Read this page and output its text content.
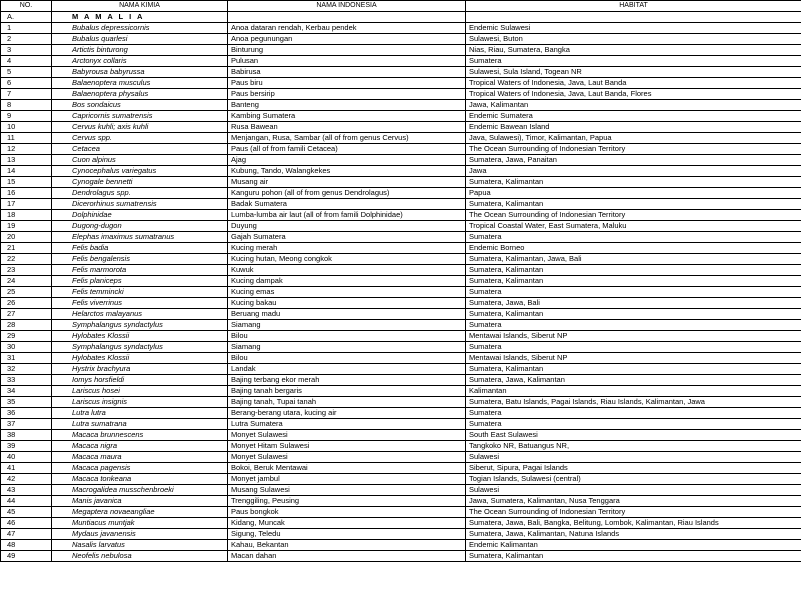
NO.	NAMA KIMIA	NAMA INDONESIA	HABITAT
A.	M A M A L I A		
1	Bubalus depressicornis	Anoa dataran rendah, Kerbau pendek	Endemic Sulawesi
2	Bubalus quarlesi	Anoa pegunungan	Sulawesi, Buton
3	Artictis binturong	Binturung	Nias, Riau, Sumatera, Bangka
4	Arctonyx collaris	Pulusan	Sumatera
5	Babyrousa babyrussa	Babirusa	Sulawesi, Sula Island, Togean NR
6	Balaenoptera musculus	Paus biru	Tropical Waters of Indonesia, Java, Laut Banda
7	Balaenoptera physalus	Paus bersirip	Tropical Waters of Indonesia, Java, Laut Banda, Flores
8	Bos sondaicus	Banteng	Jawa, Kalimantan
9	Capricornis sumatrensis	Kambing Sumatera	Endemic Sumatera
10	Cervus kuhli; axis kuhli	Rusa Bawean	Endemic Bawean Island
11	Cervus spp.	Menjangan, Rusa, Sambar (all of from genus Cervus)	Java, Sulawesi), Timor, Kalimantan, Papua
12	Cetacea	Paus (all of from famili Cetacea)	The Ocean Surrounding of Indonesian Territory
13	Cuon alpinus	Ajag	Sumatera, Jawa, Panaitan
14	Cynocephalus variegatus	Kubung, Tando, Walangkekes	Jawa
15	Cynogale bennetti	Musang air	Sumatera, Kalimantan
16	Dendrolagus spp.	Kanguru pohon (all of from genus Dendrolagus)	Papua
17	Dicerorhinus sumatrensis	Badak Sumatera	Sumatera, Kalimantan
18	Dolphinidae	Lumba-lumba air laut (all of from famili Dolphinidae)	The Ocean Surrounding of Indonesian Territory
19	Dugong-dugon	Duyung	Tropical Coastal Water, East Sumatera, Maluku
20	Elephas imaximus sumatranus	Gajah Sumatera	Sumatera
21	Felis badia	Kucing merah	Endemic Borneo
22	Felis bengalensis	Kucing hutan, Meong congkok	Sumatera, Kalimantan, Jawa, Bali
23	Felis marmorota	Kuwuk	Sumatera, Kalimantan
24	Felis planiceps	Kucing dampak	Sumatera, Kalimantan
25	Felis temmincki	Kucing emas	Sumatera
26	Felis viverrinus	Kucing bakau	Sumatera, Jawa, Bali
27	Helarctos malayanus	Beruang madu	Sumatera, Kalimantan
28	Symphalangus syndactylus	Siamang	Sumatera
29	Hylobates Klossii	Bilou	Mentawai Islands, Siberut NP
30	Symphalangus syndactylus	Siamang	Sumatera
31	Hylobates Klossii	Bilou	Mentawai Islands, Siberut NP
32	Hystrix brachyura	Landak	Sumatera, Kalimantan
33	Iomys horsfieldi	Bajing terbang ekor merah	Sumatera, Jawa, Kalimantan
34	Lariscus hosei	Bajing tanah bergaris	Kalimantan
35	Lariscus insignis	Bajing tanah, Tupai tanah	Sumatera, Batu Islands, Pagai Islands, Riau Islands, Kalimantan, Jawa
36	Lutra lutra	Berang-berang utara, kucing air	Sumatera
37	Lutra sumatrana	Lutra Sumatera	Sumatera
38	Macaca brunnescens	Monyet Sulawesi	South East Sulawesi
39	Macaca nigra	Monyet Hitam Sulawesi	Tangkoko NR, Batuangus NR,
40	Macaca maura	Monyet Sulawesi	Sulawesi
41	Macaca pagensis	Bokoi, Beruk Mentawai	Siberut, Sipura, Pagai Islands
42	Macaca tonkeana	Monyet jambul	Togian Islands, Sulawesi (central)
43	Macrogalidea musschenbroeki	Musang Sulawesi	Sulawesi
44	Manis javanica	Trenggiling, Peusing	Jawa, Sumatera, Kalimantan, Nusa Tenggara
45	Megaptera novaeangliae	Paus bongkok	The Ocean Surrounding of Indonesian Territory
46	Muntiacus muntjak	Kidang, Muncak	Sumatera, Jawa, Bali, Bangka, Belitung, Lombok, Kalimantan, Riau Islands
47	Mydaus javanensis	Sigung, Teledu	Sumatera, Jawa, Kalimantan, Natuna Islands
48	Nasalis larvatus	Kahau, Bekantan	Endemic Kalimantan
49	Neofelis nebulosa	Macan dahan	Sumatera, Kalimantan
